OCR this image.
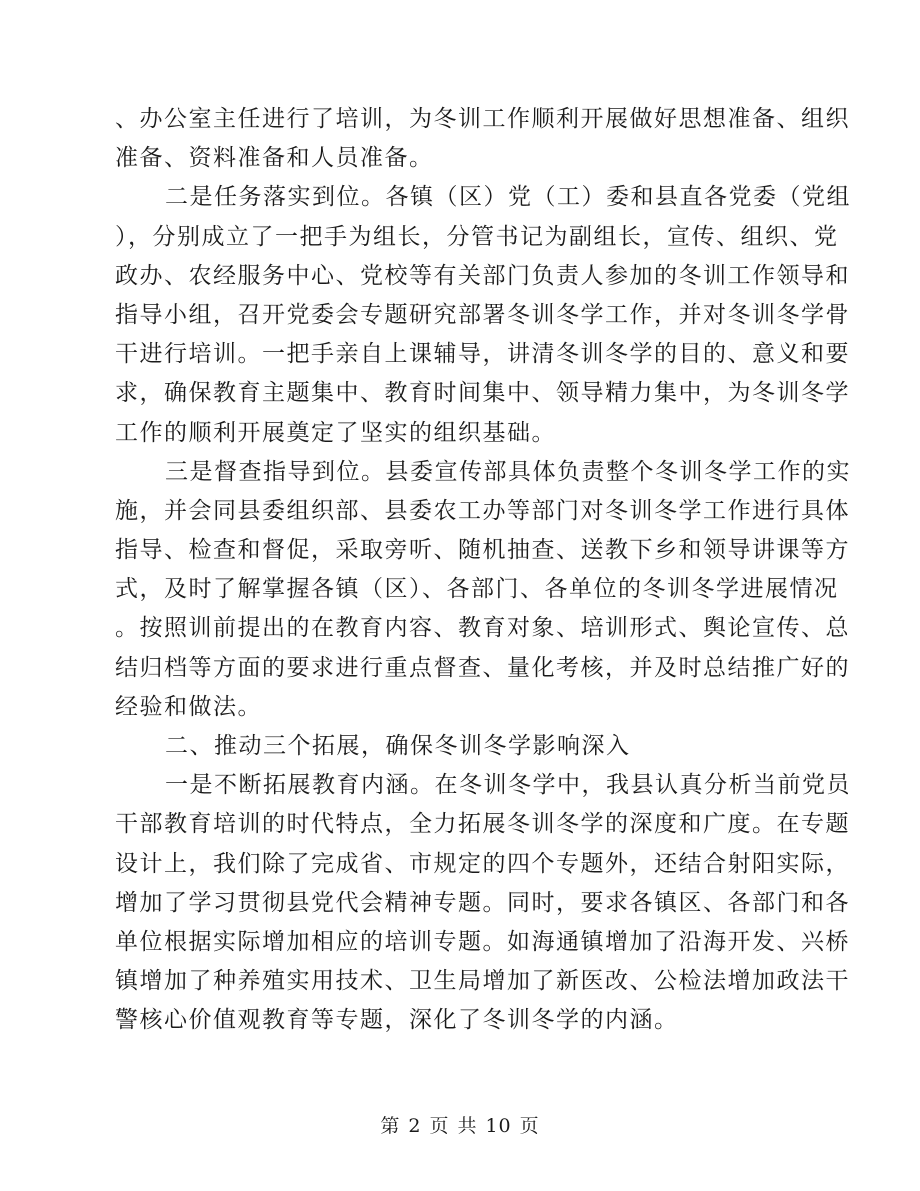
、办公室主任进行了培训，为冬训工作顺利开展做好思想准备、组织
准备、资料准备和人员准备。
二是任务落实到位。各镇（区）党（工）委和县直各党委（党组
），分别成立了一把手为组长，分管书记为副组长，宣传、组织、党
政办、农经服务中心、党校等有关部门负责人参加的冬训工作领导和
指导小组，召开党委会专题研究部署冬训冬学工作，并对冬训冬学骨
干进行培训。一把手亲自上课辅导，讲清冬训冬学的目的、意义和要
求，确保教育主题集中、教育时间集中、领导精力集中，为冬训冬学
工作的顺利开展奠定了坚实的组织基础。
三是督查指导到位。县委宣传部具体负责整个冬训冬学工作的实
施，并会同县委组织部、县委农工办等部门对冬训冬学工作进行具体
指导、检查和督促，采取旁听、随机抽查、送教下乡和领导讲课等方
式，及时了解掌握各镇（区）、各部门、各单位的冬训冬学进展情况
。按照训前提出的在教育内容、教育对象、培训形式、舆论宣传、总
结归档等方面的要求进行重点督查、量化考核，并及时总结推广好的
经验和做法。
二、推动三个拓展，确保冬训冬学影响深入
一是不断拓展教育内涵。在冬训冬学中，我县认真分析当前党员
干部教育培训的时代特点，全力拓展冬训冬学的深度和广度。在专题
设计上，我们除了完成省、市规定的四个专题外，还结合射阳实际，
增加了学习贯彻县党代会精神专题。同时，要求各镇区、各部门和各
单位根据实际增加相应的培训专题。如海通镇增加了沿海开发、兴桥
镇增加了种养殖实用技术、卫生局增加了新医改、公检法增加政法干
警核心价值观教育等专题，深化了冬训冬学的内涵。
第 2 页 共 10 页
